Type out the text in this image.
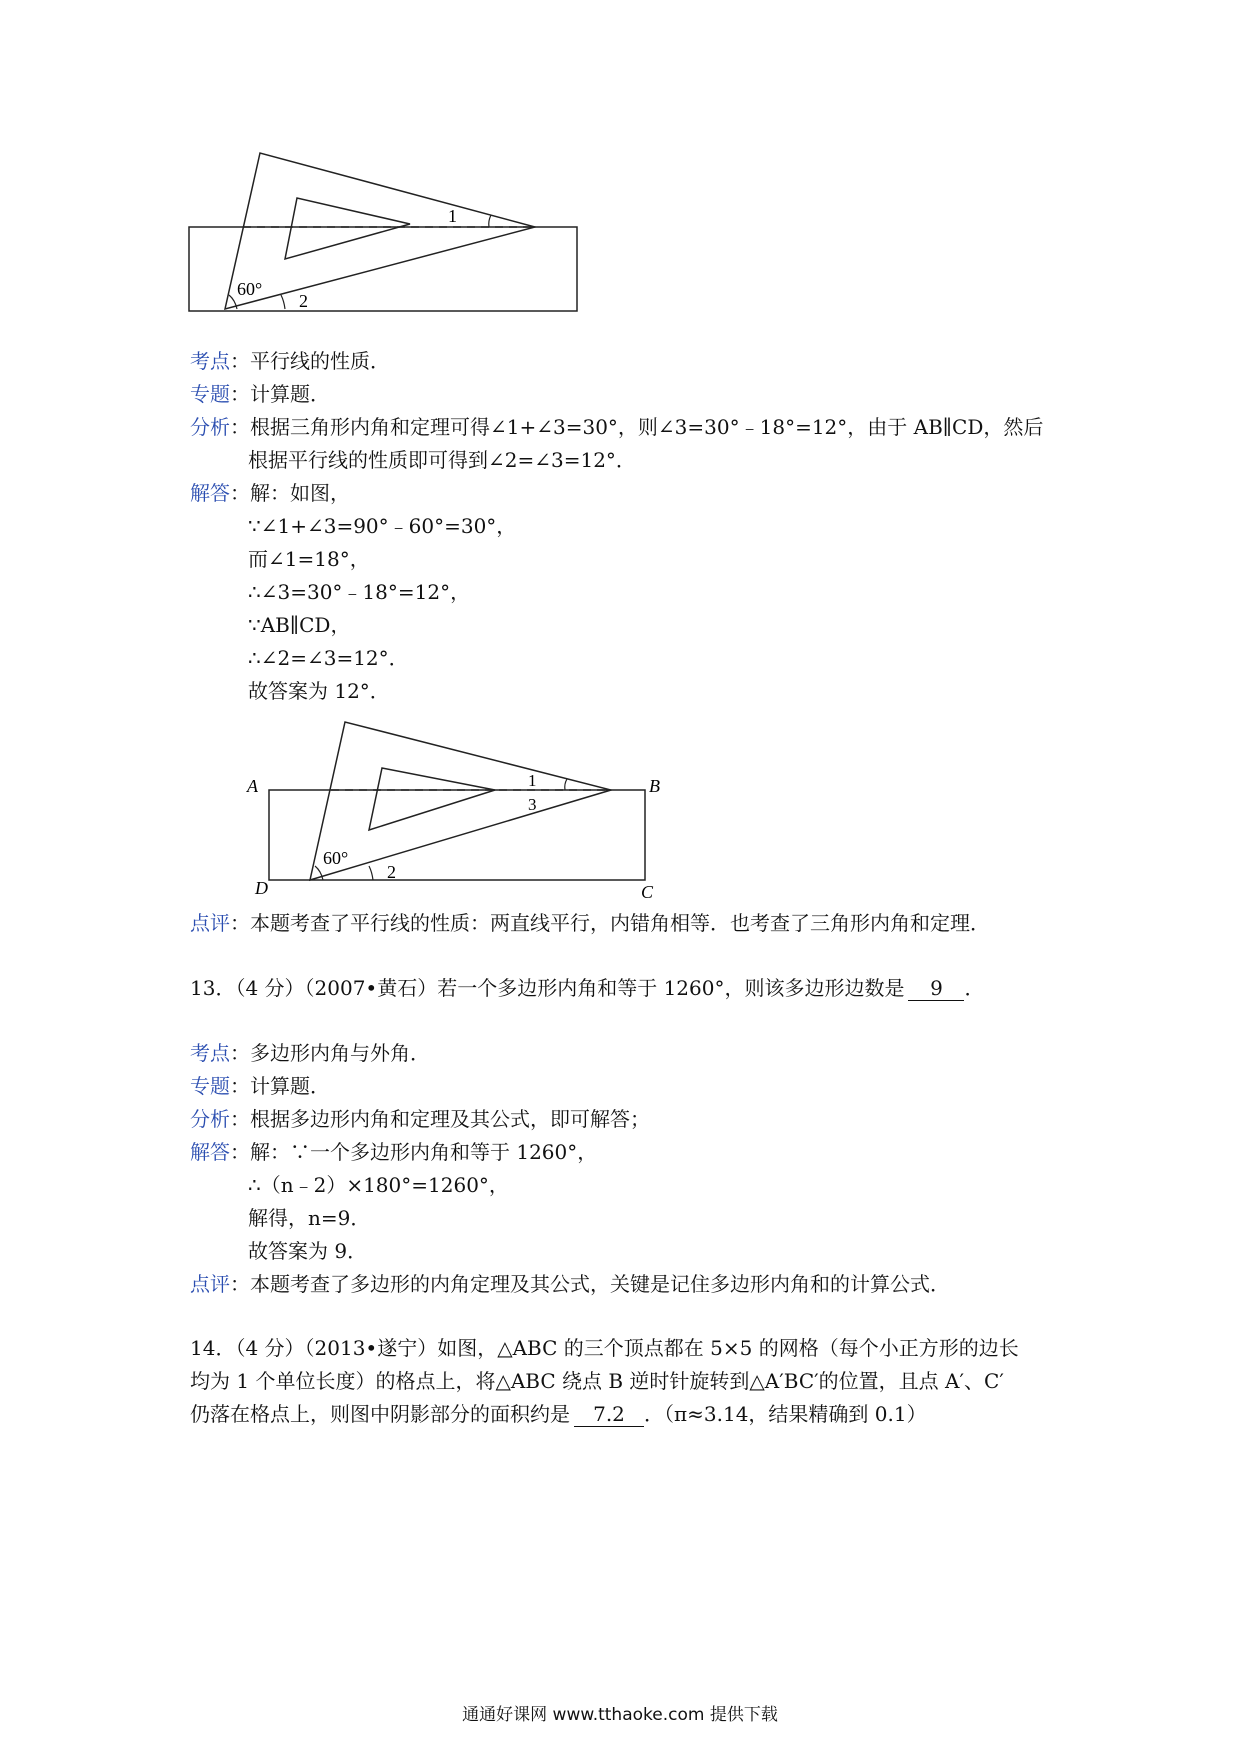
60°
1
2
考点：平行线的性质．
专题：计算题．
分析：根据三角形内角和定理可得∠1+∠3=30°，则∠3=30°﹣18°=12°，由于 AB∥CD，然后
根据平行线的性质即可得到∠2=∠3=12°．
解答：解：如图，
∵∠1+∠3=90°﹣60°=30°，
而∠1=18°，
∴∠3=30°﹣18°=12°，
∵AB∥CD，
∴∠2=∠3=12°．
故答案为 12°．
A	B
C
D
60°
1
3
2
点评：本题考查了平行线的性质：两直线平行，内错角相等．也考查了三角形内角和定理．
13．（4 分）（2007•黄石）若一个多边形内角和等于 1260°，则该多边形边数是 9 ．
考点：多边形内角与外角．
专题：计算题．
分析：根据多边形内角和定理及其公式，即可解答；
解答：解：∵一个多边形内角和等于 1260°，
∴（n﹣2）×180°=1260°，
解得，n=9．
故答案为 9．
点评：本题考查了多边形的内角定理及其公式，关键是记住多边形内角和的计算公式．
14．（4 分）（2013•遂宁）如图，△ABC 的三个顶点都在 5×5 的网格（每个小正方形的边长
均为 1 个单位长度）的格点上，将△ABC 绕点 B 逆时针旋转到△A′BC′的位置，且点 A′、C′
仍落在格点上，则图中阴影部分的面积约是 7.2 ．（π≈3.14，结果精确到 0.1）
通通好课网 www.tthaoke.com 提供下载
